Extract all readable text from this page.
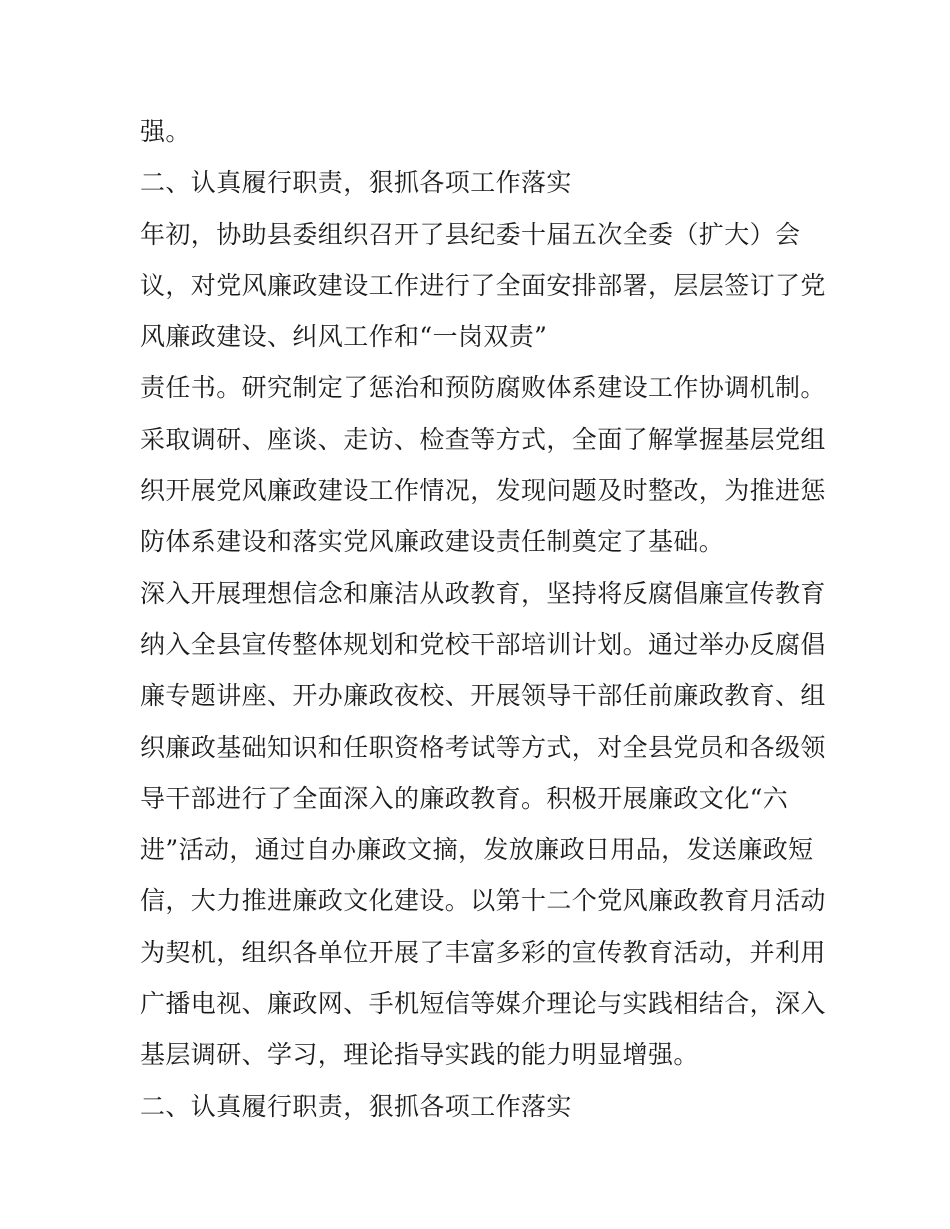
强。
二、认真履行职责，狠抓各项工作落实
年初，协助县委组织召开了县纪委十届五次全委（扩大）会
议，对党风廉政建设工作进行了全面安排部署，层层签订了党
风廉政建设、纠风工作和“一岗双责”
责任书。研究制定了惩治和预防腐败体系建设工作协调机制。
采取调研、座谈、走访、检查等方式，全面了解掌握基层党组
织开展党风廉政建设工作情况，发现问题及时整改，为推进惩
防体系建设和落实党风廉政建设责任制奠定了基础。
深入开展理想信念和廉洁从政教育，坚持将反腐倡廉宣传教育
纳入全县宣传整体规划和党校干部培训计划。通过举办反腐倡
廉专题讲座、开办廉政夜校、开展领导干部任前廉政教育、组
织廉政基础知识和任职资格考试等方式，对全县党员和各级领
导干部进行了全面深入的廉政教育。积极开展廉政文化“六
进”活动，通过自办廉政文摘，发放廉政日用品，发送廉政短
信，大力推进廉政文化建设。以第十二个党风廉政教育月活动
为契机，组织各单位开展了丰富多彩的宣传教育活动，并利用
广播电视、廉政网、手机短信等媒介理论与实践相结合，深入
基层调研、学习，理论指导实践的能力明显增强。
二、认真履行职责，狠抓各项工作落实
